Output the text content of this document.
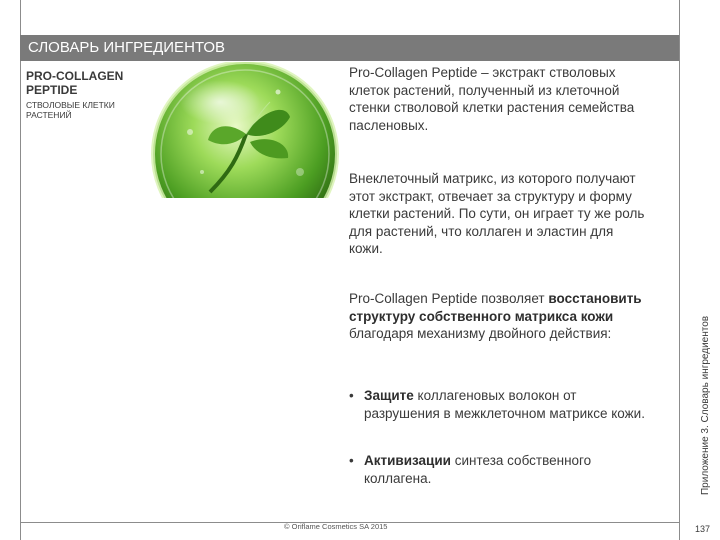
СЛОВАРЬ ИНГРЕДИЕНТОВ
PRO-COLLAGEN
PEPTIDE
СТВОЛОВЫЕ КЛЕТКИ
РАСТЕНИЙ
Pro-Collagen Peptide – экстракт стволовых клеток растений, полученный из клеточной стенки стволовой клетки растения семейства пасленовых.
Внеклеточный матрикс, из которого получают этот экстракт, отвечает за структуру и форму клетки растений. По сути, он играет ту же роль для растений, что коллаген и эластин для кожи.
Pro-Collagen Peptide позволяет восстановить структуру собственного матрикса кожи благодаря механизму двойного действия:
• Защите коллагеновых волокон от разрушения в межклеточном матриксе кожи.
• Активизации синтеза собственного коллагена.
© Oriflame Cosmetics SA 2015
Приложение 3. Словарь ингредиентов
137
